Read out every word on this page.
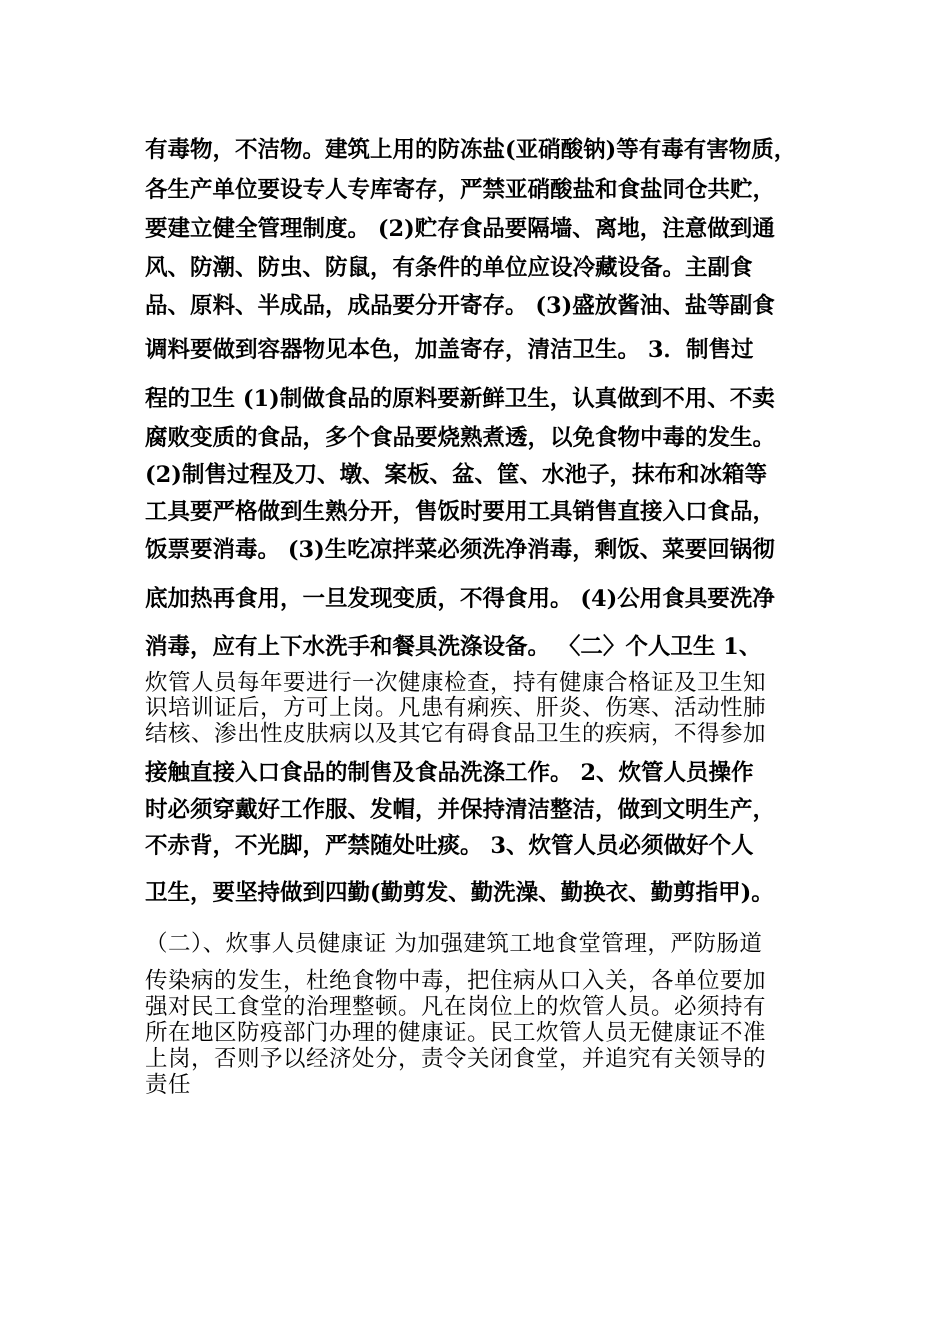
有毒物，不洁物。建筑上用的防冻盐(亚硝酸钠)等有毒有害物质，
各生产单位要设专人专库寄存，严禁亚硝酸盐和食盐同仓共贮，
要建立健全管理制度。 (2)贮存食品要隔墙、离地，注意做到通
风、防潮、防虫、防鼠，有条件的单位应设冷藏设备。主副食
品、原料、半成品，成品要分开寄存。 (3)盛放酱油、盐等副食
调料要做到容器物见本色，加盖寄存，清洁卫生。 3．制售过
程的卫生 (1)制做食品的原料要新鲜卫生，认真做到不用、不卖
腐败变质的食品，多个食品要烧熟煮透，以免食物中毒的发生。
(2)制售过程及刀、墩、案板、盆、筐、水池子，抹布和冰箱等
工具要严格做到生熟分开，售饭时要用工具销售直接入口食品，
饭票要消毒。 (3)生吃凉拌菜必须洗净消毒，剩饭、菜要回锅彻
底加热再食用，一旦发现变质，不得食用。 (4)公用食具要洗净
消毒，应有上下水洗手和餐具洗涤设备。 〈二〉个人卫生 1、
炊管人员每年要进行一次健康检查，持有健康合格证及卫生知
识培训证后，方可上岗。凡患有痢疾、肝炎、伤寒、活动性肺
结核、渗出性皮肤病以及其它有碍食品卫生的疾病，不得参加
接触直接入口食品的制售及食品洗涤工作。 2、炊管人员操作
时必须穿戴好工作服、发帽，并保持清洁整洁，做到文明生产，
不赤背，不光脚，严禁随处吐痰。 3、炊管人员必须做好个人
卫生，要坚持做到四勤(勤剪发、勤洗澡、勤换衣、勤剪指甲)。
（二）、炊事人员健康证 为加强建筑工地食堂管理，严防肠道
传染病的发生，杜绝食物中毒，把住病从口入关，各单位要加
强对民工食堂的治理整顿。凡在岗位上的炊管人员。必须持有
所在地区防疫部门办理的健康证。民工炊管人员无健康证不准
上岗，否则予以经济处分，责令关闭食堂，并追究有关领导的
责任
